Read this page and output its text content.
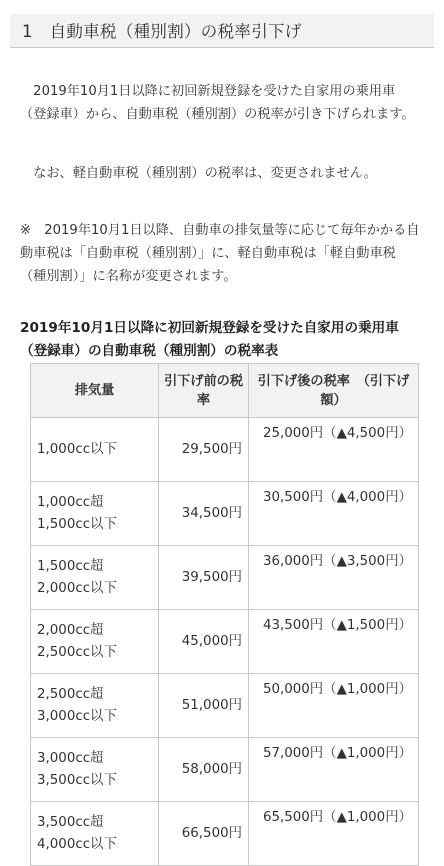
1　自動車税（種別割）の税率引下げ

　2019年10月1日以降に初回新規登録を受けた自家用の乗用車（登録車）から、自動車税（種別割）の税率が引き下げられます。

　なお、軽自動車税（種別割）の税率は、変更されません。

※　2019年10月1日以降、自動車の排気量等に応じて毎年かかる自動車税は「自動車税（種別割）」に、軽自動車税は「軽自動車税（種別割）」に名称が変更されます。

2019年10月1日以降に初回新規登録を受けた自家用の乗用車（登録車）の自動車税（種別割）の税率表

排気量	引下げ前の税率	引下げ後の税率　（引下げ額）
1,000cc以下	29,500円	25,000円（▲4,500円）
1,000cc超
1,500cc以下	34,500円	30,500円（▲4,000円）
1,500cc超
2,000cc以下	39,500円	36,000円（▲3,500円）
2,000cc超
2,500cc以下	45,000円	43,500円（▲1,500円）
2,500cc超
3,000cc以下	51,000円	50,000円（▲1,000円）
3,000cc超
3,500cc以下	58,000円	57,000円（▲1,000円）
3,500cc超
4,000cc以下	66,500円	65,500円（▲1,000円）
